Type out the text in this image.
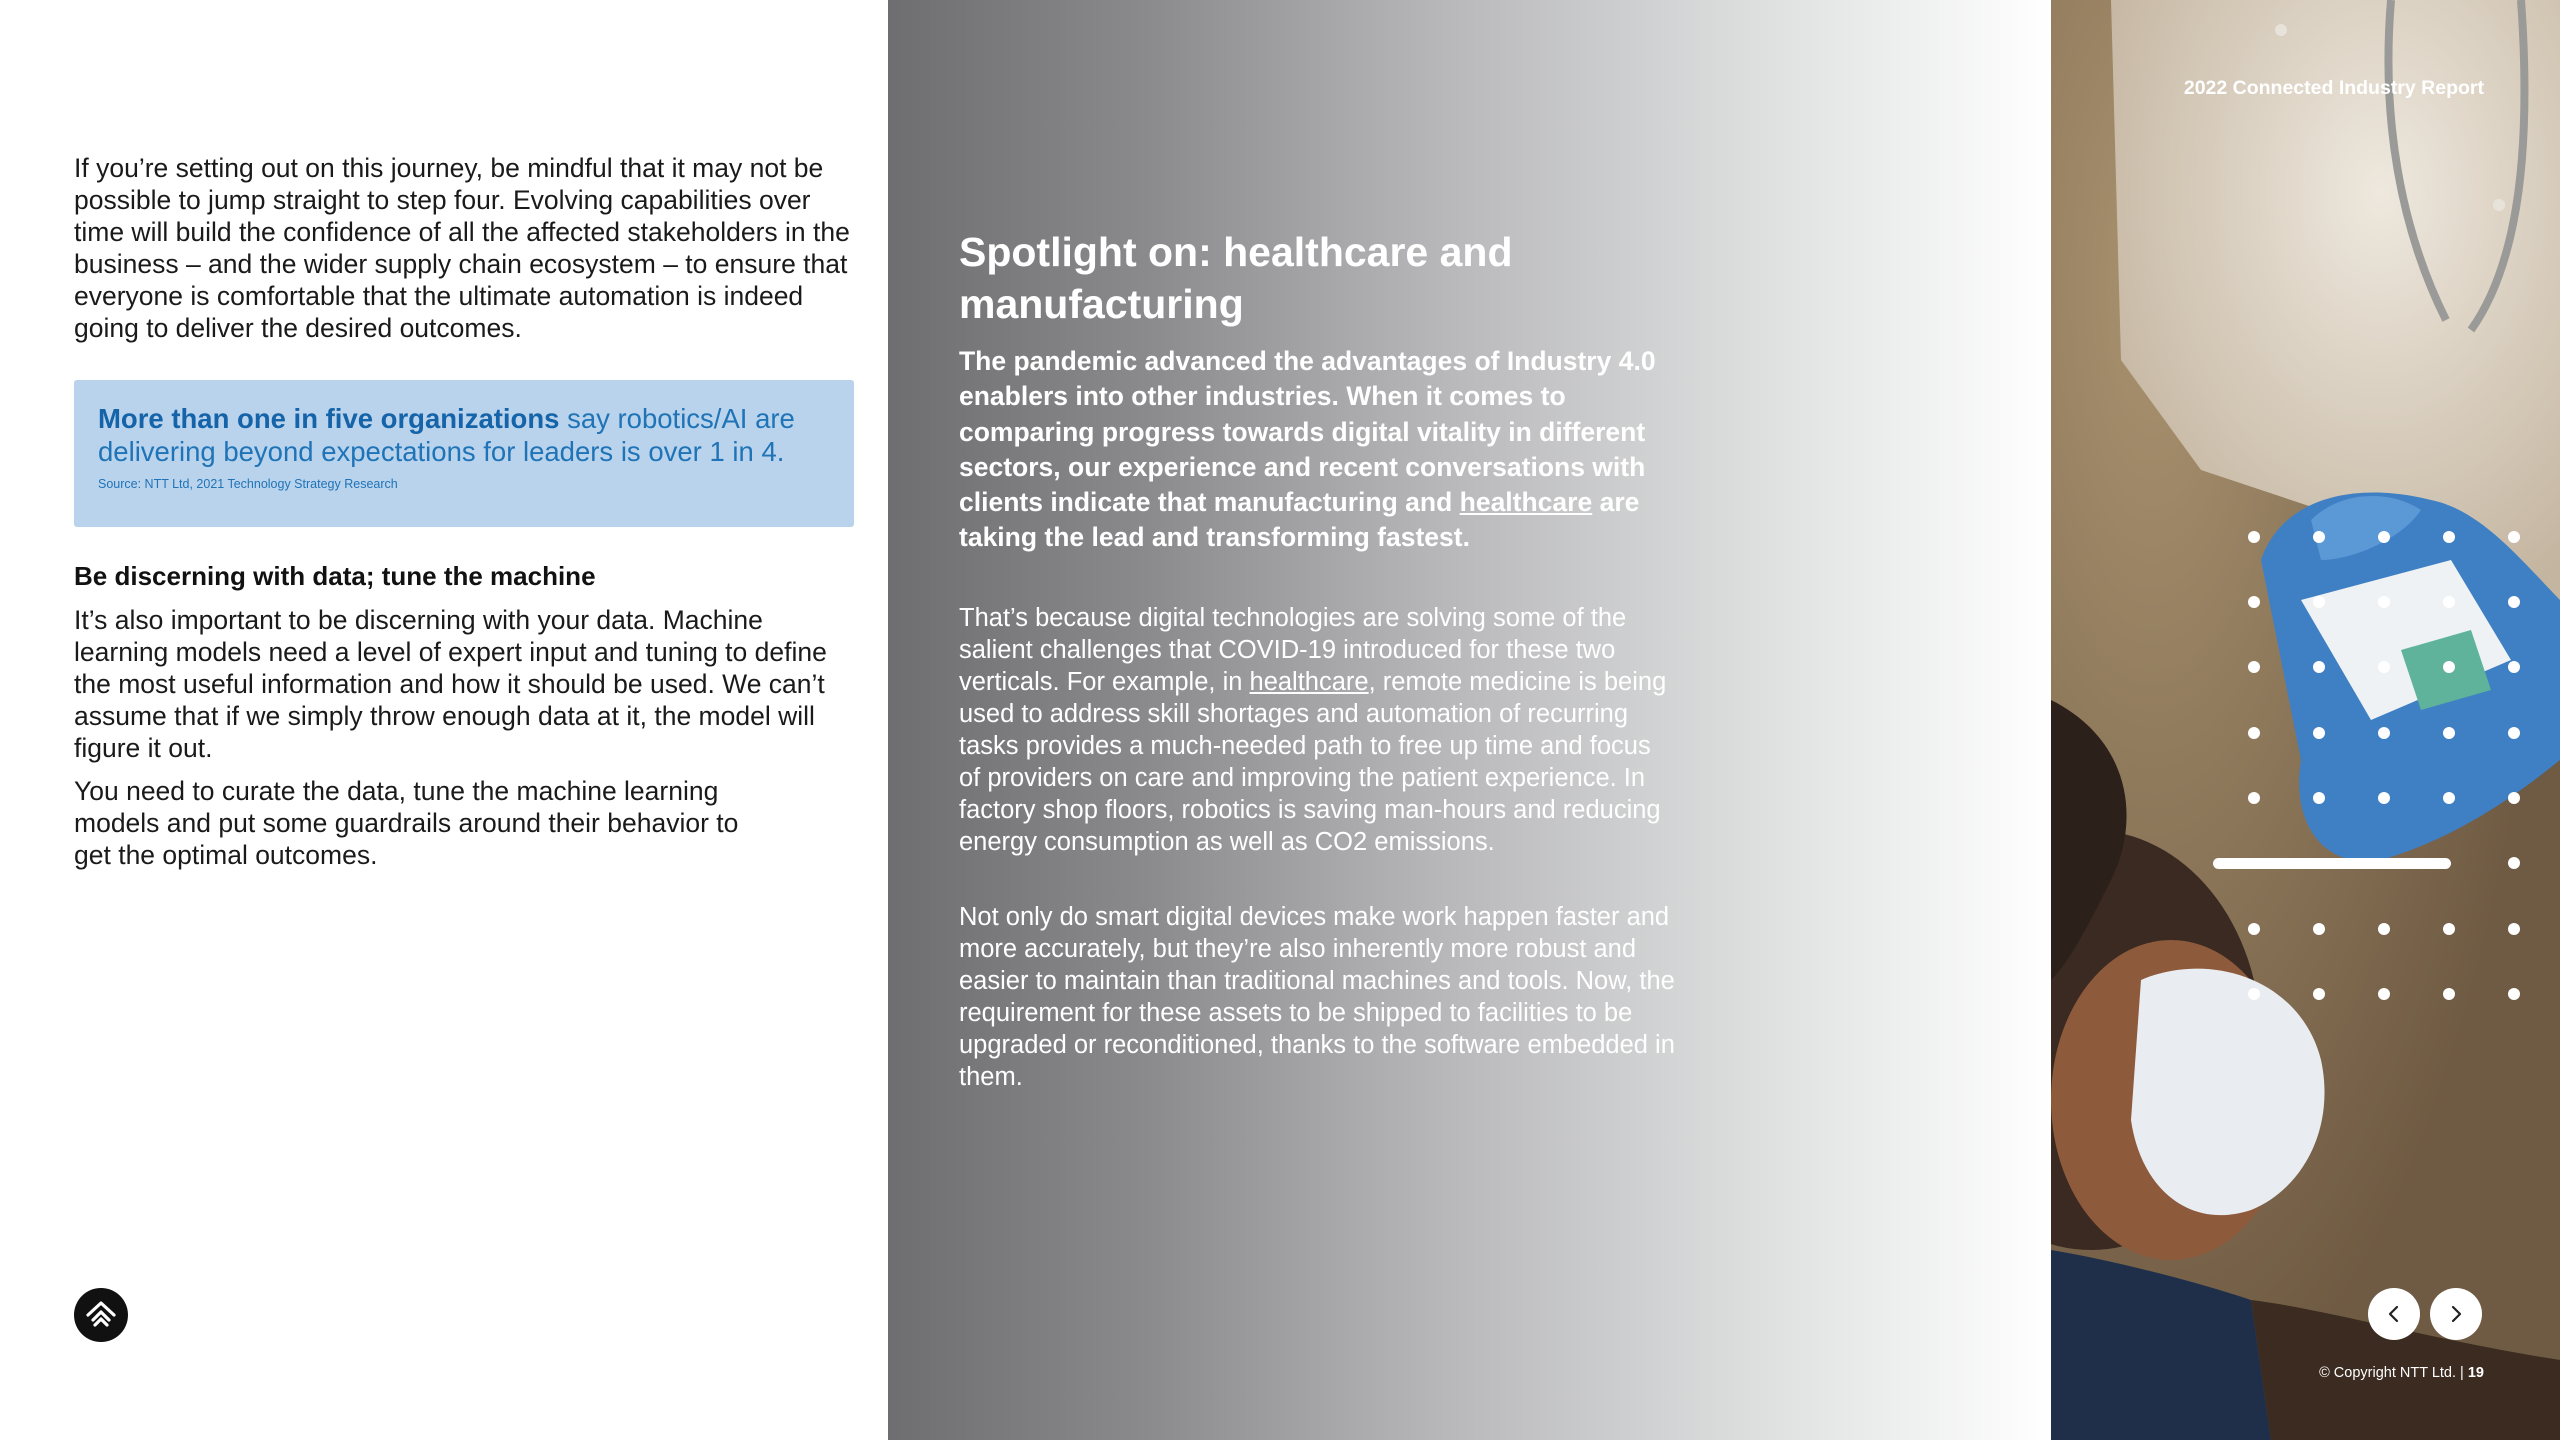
If you’re setting out on this journey, be mindful that it may not be possible to jump straight to step four. Evolving capabilities over time will build the confidence of all the affected stakeholders in the business – and the wider supply chain ecosystem – to ensure that everyone is comfortable that the ultimate automation is indeed going to deliver the desired outcomes.

More than one in five organizations say robotics/AI are delivering beyond expectations for leaders is over 1 in 4.

Source: NTT Ltd, 2021 Technology Strategy Research

Be discerning with data; tune the machine

It’s also important to be discerning with your data. Machine learning models need a level of expert input and tuning to define the most useful information and how it should be used. We can’t assume that if we simply throw enough data at it, the model will figure it out.

You need to curate the data, tune the machine learning models and put some guardrails around their behavior to get the optimal outcomes.

Spotlight on: healthcare and manufacturing

The pandemic advanced the advantages of Industry 4.0 enablers into other industries. When it comes to comparing progress towards digital vitality in different sectors, our experience and recent conversations with clients indicate that manufacturing and healthcare are taking the lead and transforming fastest.

That’s because digital technologies are solving some of the salient challenges that COVID-19 introduced for these two verticals. For example, in healthcare, remote medicine is being used to address skill shortages and automation of recurring tasks provides a much-needed path to free up time and focus of providers on care and improving the patient experience. In factory shop floors, robotics is saving man-hours and reducing energy consumption as well as CO2 emissions.

Not only do smart digital devices make work happen faster and more accurately, but they’re also inherently more robust and easier to maintain than traditional machines and tools. Now, the requirement for these assets to be shipped to facilities to be upgraded or reconditioned, thanks to the software embedded in them.

2022 Connected Industry Report

© Copyright NTT Ltd. | 19
